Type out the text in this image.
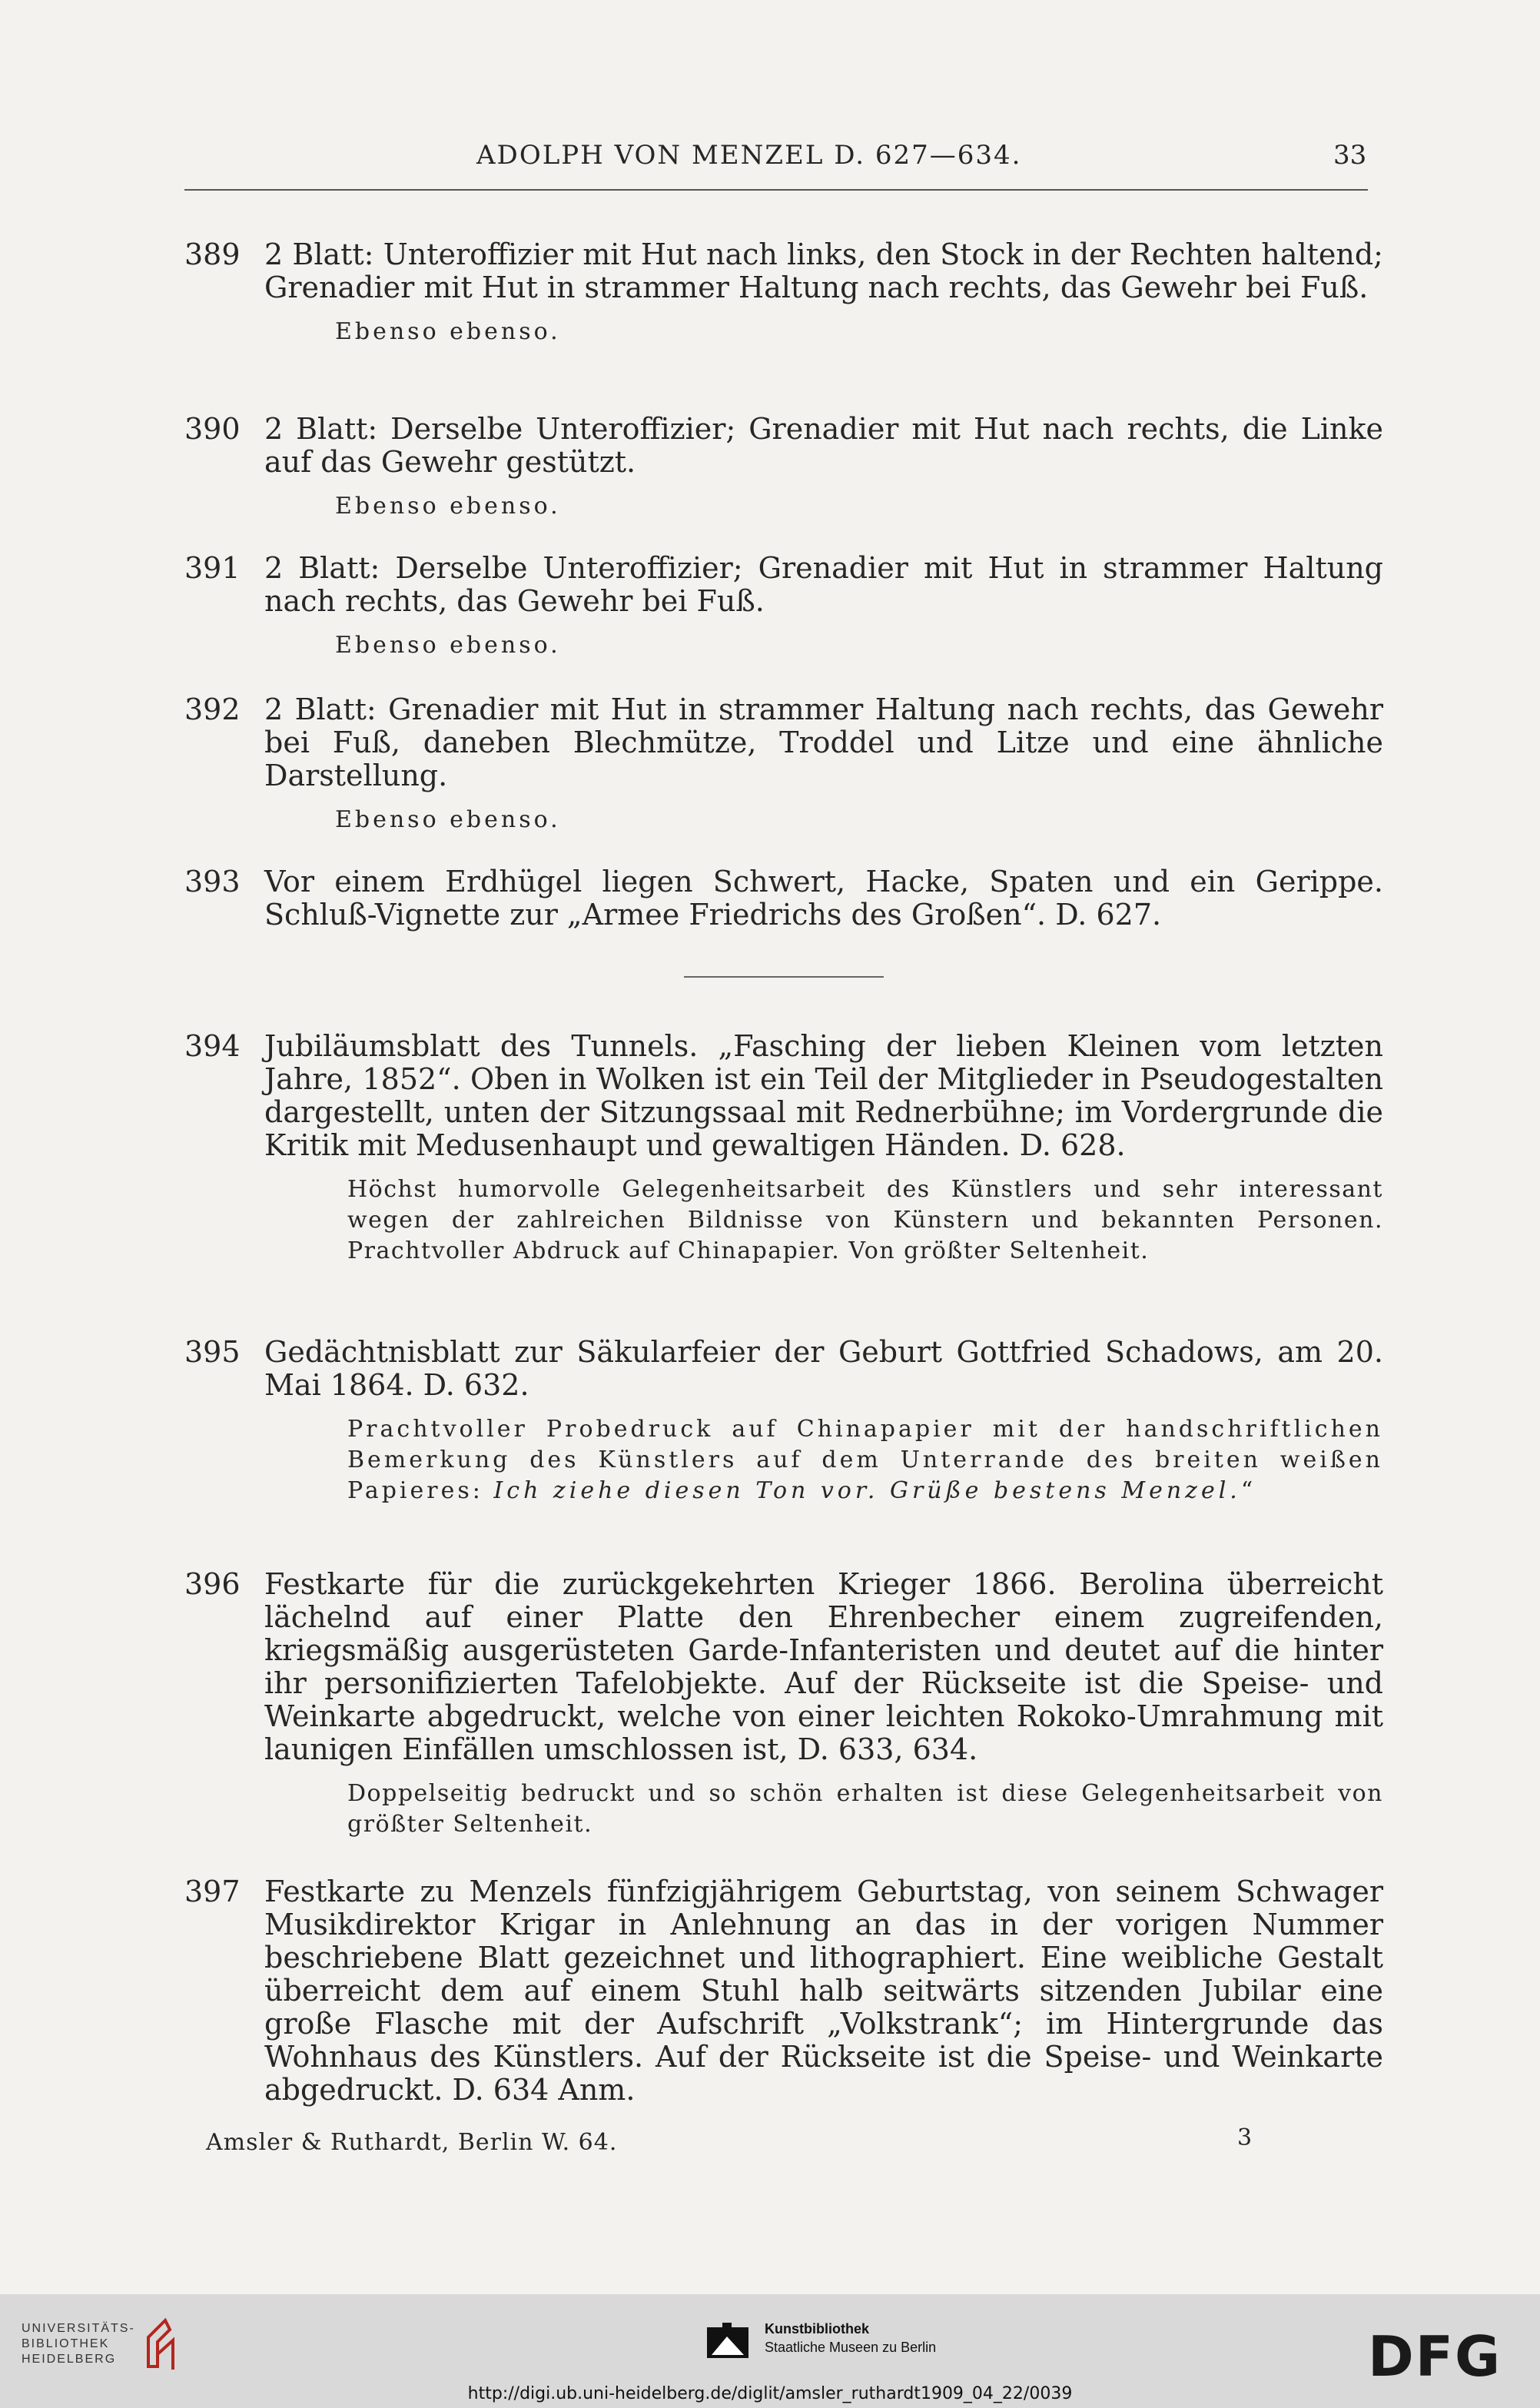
ADOLPH VON MENZEL D. 627—634.	33
389 2 Blatt: Unteroffizier mit Hut nach links, den Stock in der Rechten haltend; Grenadier mit Hut in strammer Haltung nach rechts, das Gewehr bei Fuß.
Ebenso ebenso.
390 2 Blatt: Derselbe Unteroffizier; Grenadier mit Hut nach rechts, die Linke auf das Gewehr gestützt.
Ebenso ebenso.
391 2 Blatt: Derselbe Unteroffizier; Grenadier mit Hut in strammer Haltung nach rechts, das Gewehr bei Fuß.
Ebenso ebenso.
392 2 Blatt: Grenadier mit Hut in strammer Haltung nach rechts, das Gewehr bei Fuß, daneben Blechmütze, Troddel und Litze und eine ähnliche Darstellung.
Ebenso ebenso.
393 Vor einem Erdhügel liegen Schwert, Hacke, Spaten und ein Gerippe. Schluß-Vignette zur „Armee Friedrichs des Großen“. D. 627.
394 Jubiläumsblatt des Tunnels. „Fasching der lieben Kleinen vom letzten Jahre, 1852“. Oben in Wolken ist ein Teil der Mitglieder in Pseudogestalten dargestellt, unten der Sitzungssaal mit Rednerbühne; im Vordergrunde die Kritik mit Medusenhaupt und gewaltigen Händen. D. 628.
Höchst humorvolle Gelegenheitsarbeit des Künstlers und sehr interessant wegen der zahlreichen Bildnisse von Künstern und bekannten Personen. Prachtvoller Abdruck auf Chinapapier. Von größter Seltenheit.
395 Gedächtnisblatt zur Säkularfeier der Geburt Gottfried Schadows, am 20. Mai 1864. D. 632.
Prachtvoller Probedruck auf Chinapapier mit der handschriftlichen Bemerkung des Künstlers auf dem Unterrande des breiten weißen Papieres: Ich ziehe diesen Ton vor. Grüße bestens Menzel.“
396 Festkarte für die zurückgekehrten Krieger 1866. Berolina überreicht lächelnd auf einer Platte den Ehrenbecher einem zugreifenden, kriegsmäßig ausgerüsteten Garde-Infanteristen und deutet auf die hinter ihr personifizierten Tafelobjekte. Auf der Rückseite ist die Speise- und Weinkarte abgedruckt, welche von einer leichten Rokoko-Umrahmung mit launigen Einfällen umschlossen ist, D. 633, 634.
Doppelseitig bedruckt und so schön erhalten ist diese Gelegenheitsarbeit von größter Seltenheit.
397 Festkarte zu Menzels fünfzigjährigem Geburtstag, von seinem Schwager Musikdirektor Krigar in Anlehnung an das in der vorigen Nummer beschriebene Blatt gezeichnet und lithographiert. Eine weibliche Gestalt überreicht dem auf einem Stuhl halb seitwärts sitzenden Jubilar eine große Flasche mit der Aufschrift „Volkstrank“; im Hintergrunde das Wohnhaus des Künstlers. Auf der Rückseite ist die Speise- und Weinkarte abgedruckt. D. 634 Anm.
Amsler & Ruthardt, Berlin W. 64.	3
UNIVERSITÄTS-
BIBLIOTHEK
HEIDELBERG
Kunstbibliothek
Staatliche Museen zu Berlin	DFG
http://digi.ub.uni-heidelberg.de/diglit/amsler_ruthardt1909_04_22/0039
